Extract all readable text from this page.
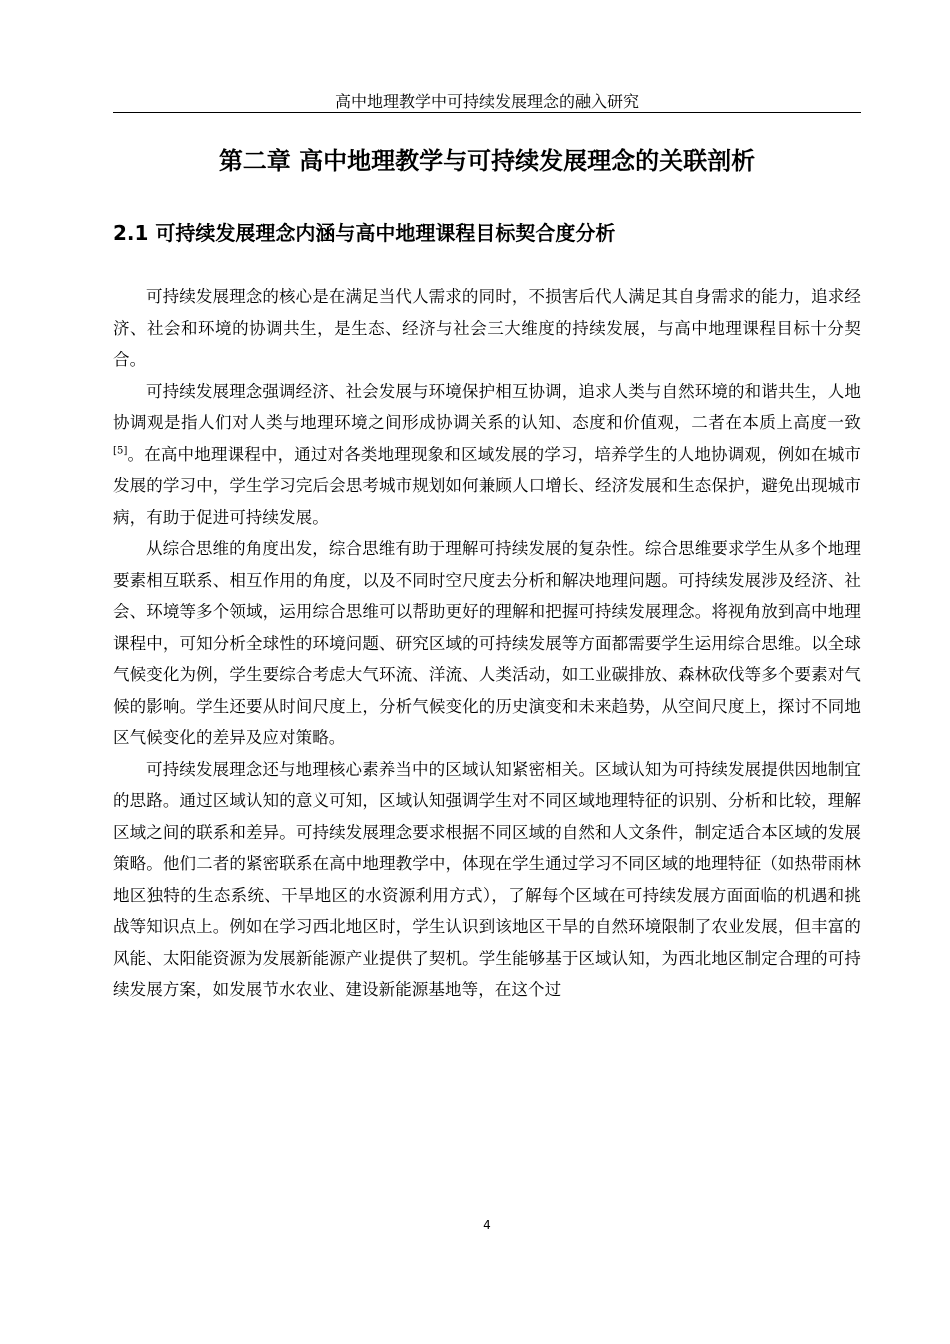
高中地理教学中可持续发展理念的融入研究
第二章 高中地理教学与可持续发展理念的关联剖析
2.1 可持续发展理念内涵与高中地理课程目标契合度分析

可持续发展理念的核心是在满足当代人需求的同时，不损害后代人满足其自身需求的能力，追求经济、社会和环境的协调共生，是生态、经济与社会三大维度的持续发展，与高中地理课程目标十分契合。

可持续发展理念强调经济、社会发展与环境保护相互协调，追求人类与自然环境的和谐共生，人地协调观是指人们对人类与地理环境之间形成协调关系的认知、态度和价值观，二者在本质上高度一致[5]。在高中地理课程中，通过对各类地理现象和区域发展的学习，培养学生的人地协调观，例如在城市发展的学习中，学生学习完后会思考城市规划如何兼顾人口增长、经济发展和生态保护，避免出现城市病，有助于促进可持续发展。

从综合思维的角度出发，综合思维有助于理解可持续发展的复杂性。综合思维要求学生从多个地理要素相互联系、相互作用的角度，以及不同时空尺度去分析和解决地理问题。可持续发展涉及经济、社会、环境等多个领域，运用综合思维可以帮助更好的理解和把握可持续发展理念。将视角放到高中地理课程中，可知分析全球性的环境问题、研究区域的可持续发展等方面都需要学生运用综合思维。以全球气候变化为例，学生要综合考虑大气环流、洋流、人类活动，如工业碳排放、森林砍伐等多个要素对气候的影响。学生还要从时间尺度上，分析气候变化的历史演变和未来趋势，从空间尺度上，探讨不同地区气候变化的差异及应对策略。

可持续发展理念还与地理核心素养当中的区域认知紧密相关。区域认知为可持续发展提供因地制宜的思路。通过区域认知的意义可知，区域认知强调学生对不同区域地理特征的识别、分析和比较，理解区域之间的联系和差异。可持续发展理念要求根据不同区域的自然和人文条件，制定适合本区域的发展策略。他们二者的紧密联系在高中地理教学中，体现在学生通过学习不同区域的地理特征（如热带雨林地区独特的生态系统、干旱地区的水资源利用方式），了解每个区域在可持续发展方面面临的机遇和挑战等知识点上。例如在学习西北地区时，学生认识到该地区干旱的自然环境限制了农业发展，但丰富的风能、太阳能资源为发展新能源产业提供了契机。学生能够基于区域认知，为西北地区制定合理的可持续发展方案，如发展节水农业、建设新能源基地等，在这个过

4
